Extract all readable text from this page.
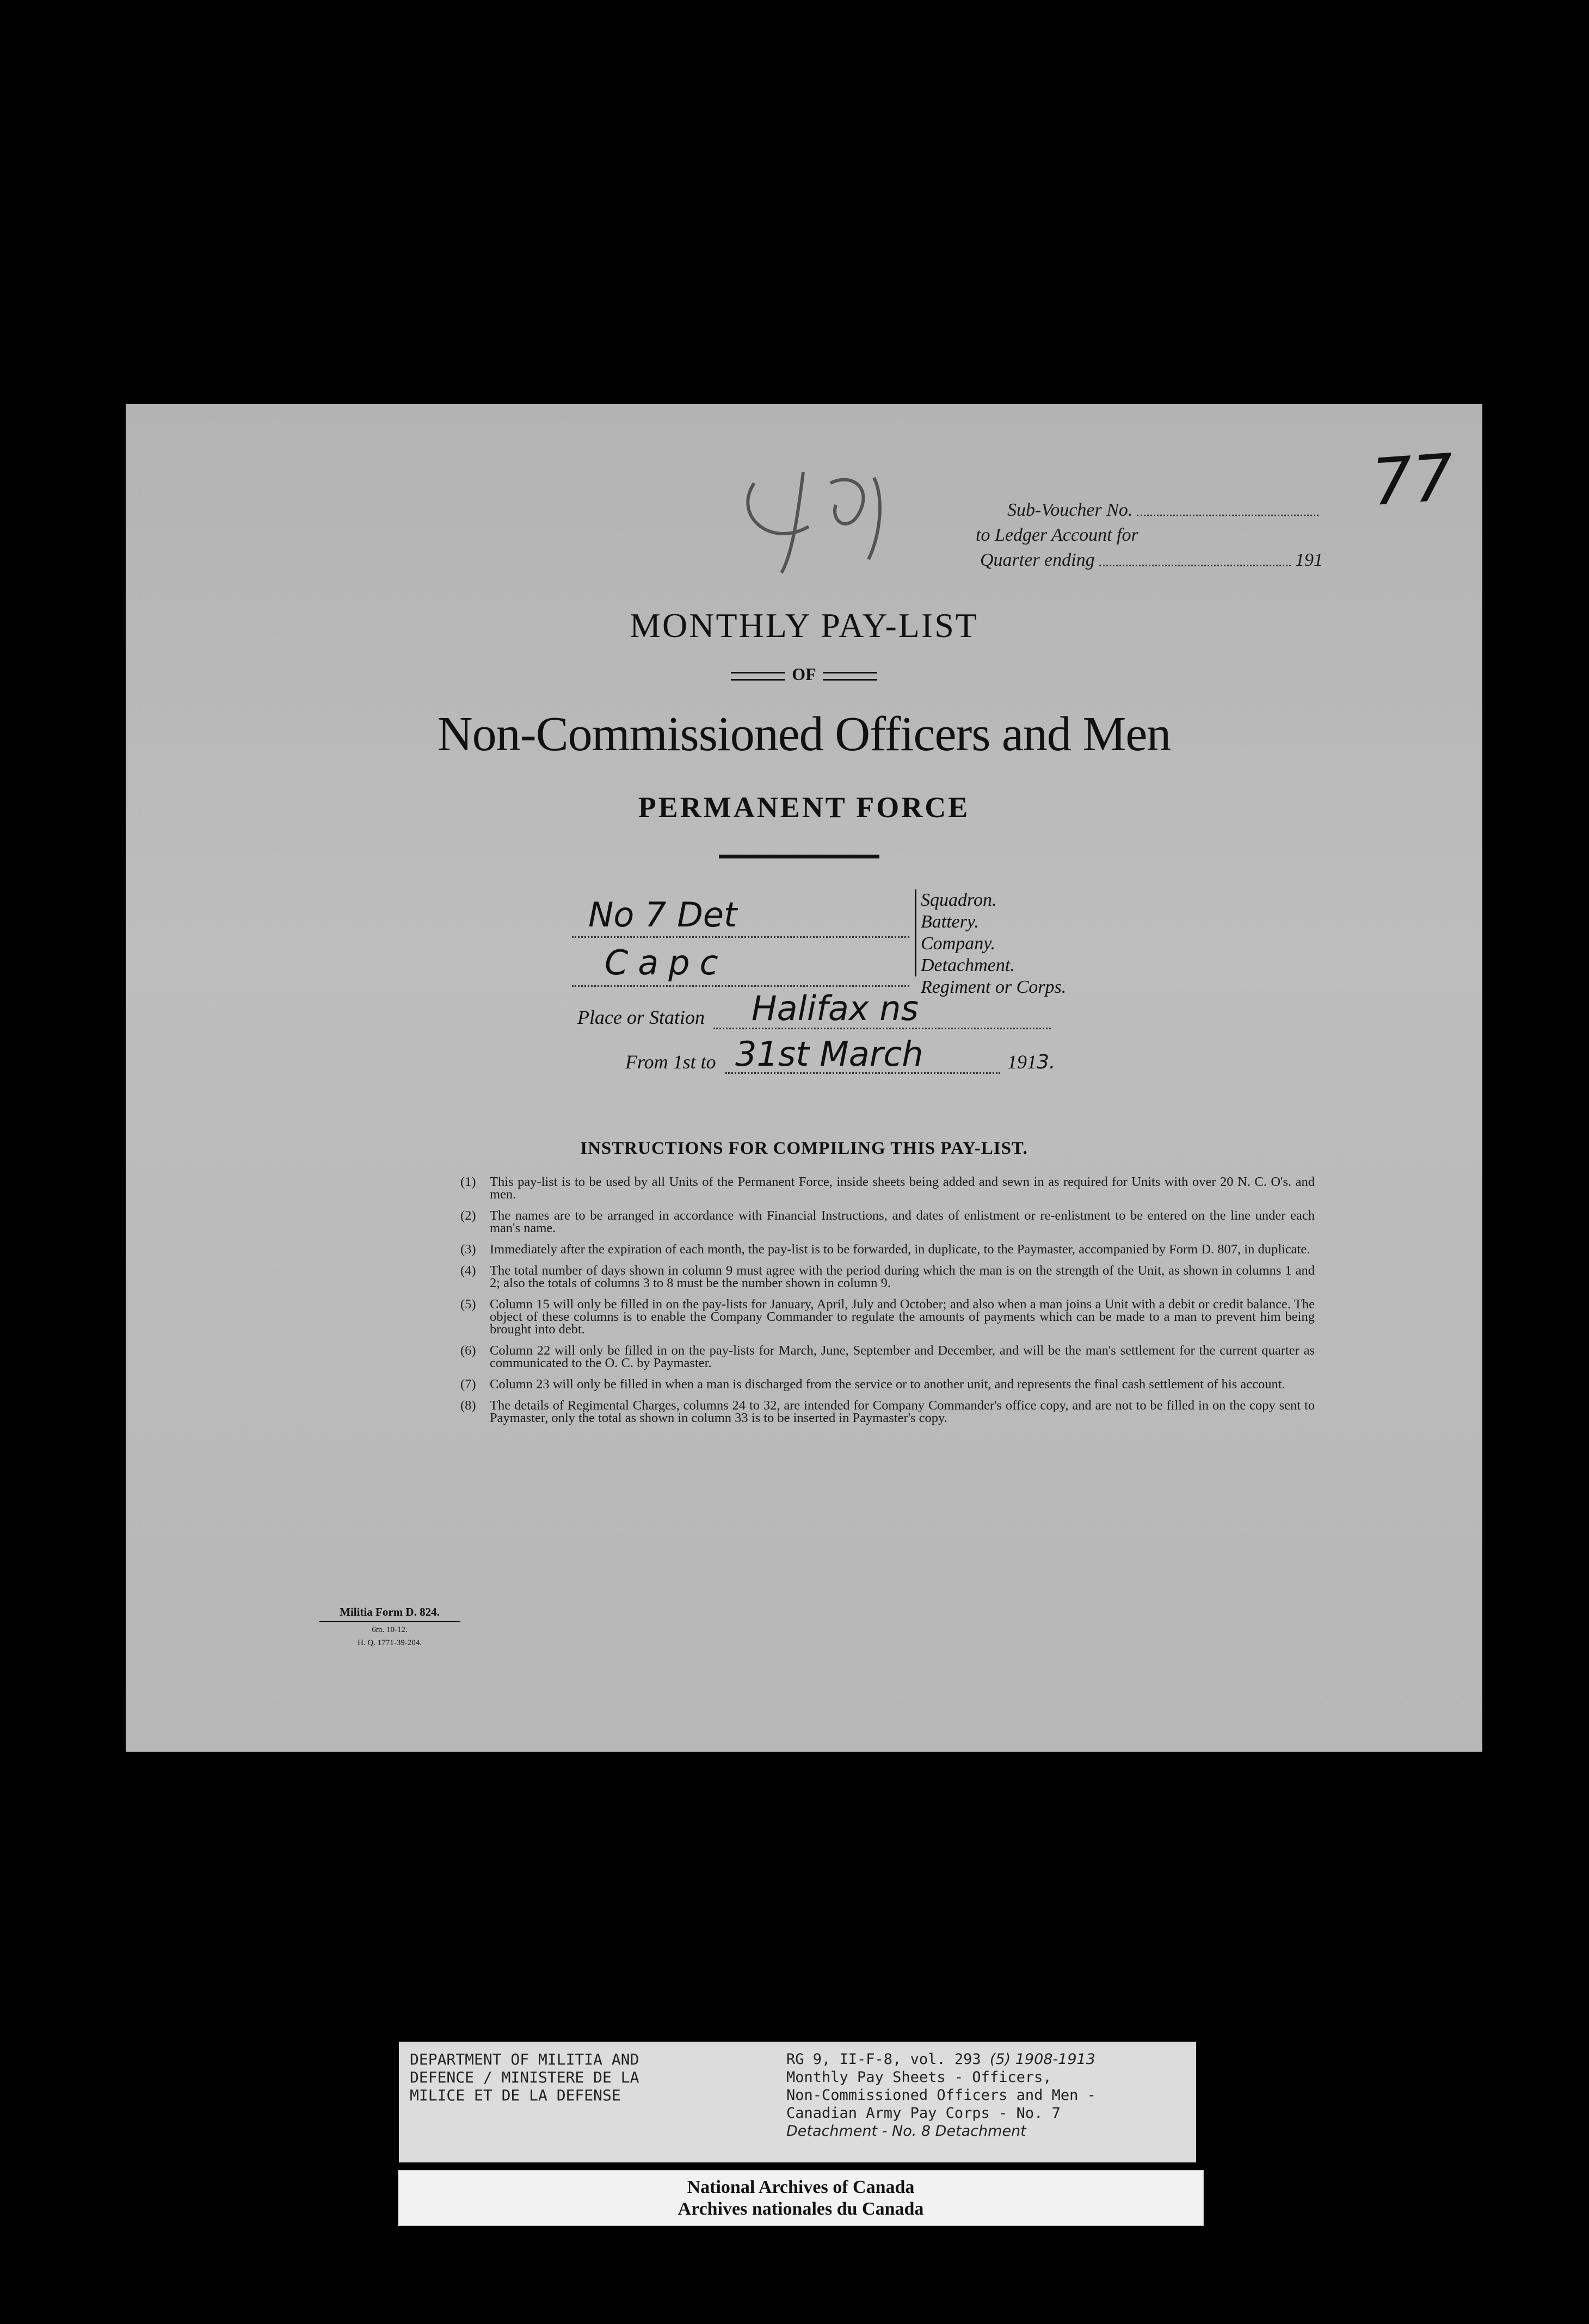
77
Sub-Voucher No.
to Ledger Account for
Quarter ending	191
MONTHLY PAY-LIST
OF
Non-Commissioned Officers and Men
PERMANENT FORCE
No 7 Det
Capc
Squadron.
Battery.
Company.
Detachment.
Regiment or Corps.
Place or Station Halifax ns
From 1st to 31st March	1913.
INSTRUCTIONS FOR COMPILING THIS PAY-LIST.
(1)	This pay-list is to be used by all Units of the Permanent Force, inside sheets being added and sewn in as required for Units with over 20 N. C. O's. and men.
(2)	The names are to be arranged in accordance with Financial Instructions, and dates of enlistment or re-enlistment to be entered on the line under each man's name.
(3)	Immediately after the expiration of each month, the pay-list is to be forwarded, in duplicate, to the Paymaster, accompanied by Form D. 807, in duplicate.
(4)	The total number of days shown in column 9 must agree with the period during which the man is on the strength of the Unit, as shown in columns 1 and 2; also the totals of columns 3 to 8 must be the number shown in column 9.
(5)	Column 15 will only be filled in on the pay-lists for January, April, July and October; and also when a man joins a Unit with a debit or credit balance. The object of these columns is to enable the Company Commander to regulate the amounts of payments which can be made to a man to prevent him being brought into debt.
(6)	Column 22 will only be filled in on the pay-lists for March, June, September and December, and will be the man's settlement for the current quarter as communicated to the O. C. by Paymaster.
(7)	Column 23 will only be filled in when a man is discharged from the service or to another unit, and represents the final cash settlement of his account.
(8)	The details of Regimental Charges, columns 24 to 32, are intended for Company Commander's office copy, and are not to be filled in on the copy sent to Paymaster, only the total as shown in column 33 is to be inserted in Paymaster's copy.
Militia Form D. 824.
6m. 10-12.
H. Q. 1771-39-204.
DEPARTMENT OF MILITIA AND
DEFENCE / MINISTERE DE LA
MILICE ET DE LA DEFENSE
RG 9, II-F-8, vol. 293 (5) 1908-1913
Monthly Pay Sheets - Officers,
Non-Commissioned Officers and Men -
Canadian Army Pay Corps - No. 7
Detachment - No. 8 Detachment
National Archives of Canada
Archives nationales du Canada
